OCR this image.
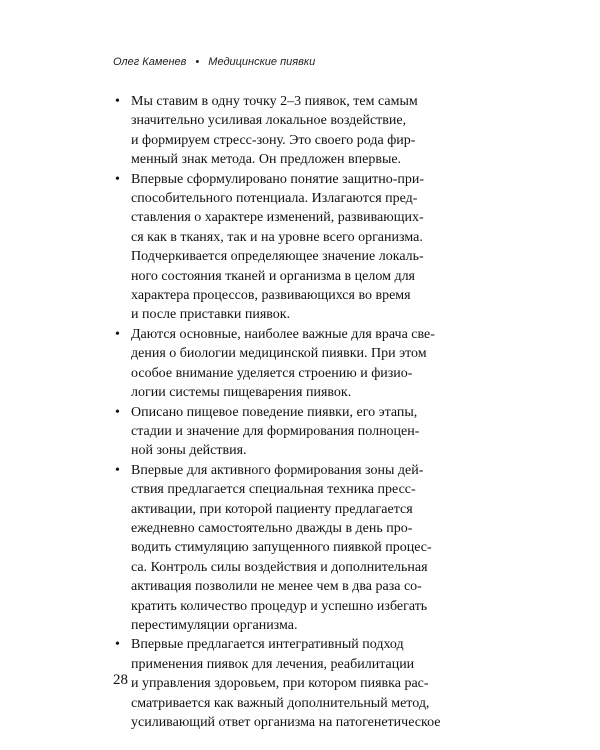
Олег Каменев • Медицинские пиявки
• Мы ставим в одну точку 2–3 пиявок, тем самым
значительно усиливая локальное воздействие,
и формируем стресс-зону. Это своего рода фир-
менный знак метода. Он предложен впервые.
• Впервые сформулировано понятие защитно-при-
способительного потенциала. Излагаются пред-
ставления о характере изменений, развивающих-
ся как в тканях, так и на уровне всего организма.
Подчеркивается определяющее значение локаль-
ного состояния тканей и организма в целом для
характера процессов, развивающихся во время
и после приставки пиявок.
• Даются основные, наиболее важные для врача све-
дения о биологии медицинской пиявки. При этом
особое внимание уделяется строению и физио-
логии системы пищеварения пиявок.
• Описано пищевое поведение пиявки, его этапы,
стадии и значение для формирования полноцен-
ной зоны действия.
• Впервые для активного формирования зоны дей-
ствия предлагается специальная техника пресс-
активации, при которой пациенту предлагается
ежедневно самостоятельно дважды в день про-
водить стимуляцию запущенного пиявкой процес-
са. Контроль силы воздействия и дополнительная
активация позволили не менее чем в два раза со-
кратить количество процедур и успешно избегать
перестимуляции организма.
• Впервые предлагается интегративный подход
применения пиявок для лечения, реабилитации
и управления здоровьем, при котором пиявка рас-
сматривается как важный дополнительный метод,
усиливающий ответ организма на патогенетическое
28
